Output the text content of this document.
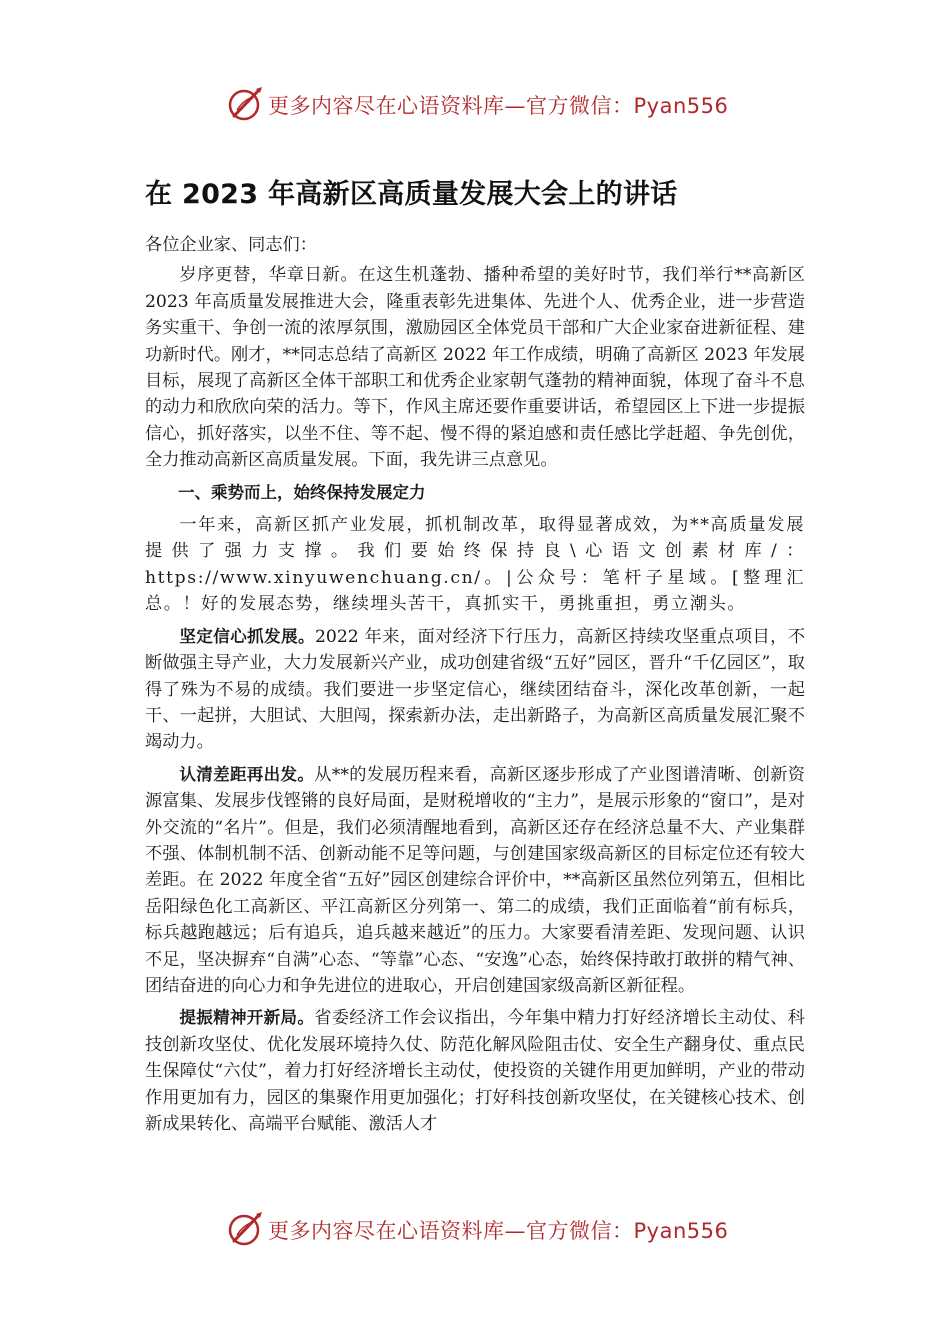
更多内容尽在心语资料库—官方微信：Pyan556
在 2023 年高新区高质量发展大会上的讲话

各位企业家、同志们：

岁序更替，华章日新。在这生机蓬勃、播种希望的美好时节，我们举行**高新区 2023 年高质量发展推进大会，隆重表彰先进集体、先进个人、优秀企业，进一步营造务实重干、争创一流的浓厚氛围，激励园区全体党员干部和广大企业家奋进新征程、建功新时代。刚才，**同志总结了高新区 2022 年工作成绩，明确了高新区 2023 年发展目标，展现了高新区全体干部职工和优秀企业家朝气蓬勃的精神面貌，体现了奋斗不息的动力和欣欣向荣的活力。等下，作风主席还要作重要讲话，希望园区上下进一步提振信心，抓好落实，以坐不住、等不起、慢不得的紧迫感和责任感比学赶超、争先创优，全力推动高新区高质量发展。下面，我先讲三点意见。

一、乘势而上，始终保持发展定力

一年来，高新区抓产业发展，抓机制改革，取得显著成效，为**高质量发展提供了强力支撑。我们要始终保持良\心语文创素材库/：https://www.xinyuwenchuang.cn/。|公众号：笔杆子星域。[整理汇总。！好的发展态势，继续埋头苦干，真抓实干，勇挑重担，勇立潮头。

坚定信心抓发展。2022 年来，面对经济下行压力，高新区持续攻坚重点项目，不断做强主导产业，大力发展新兴产业，成功创建省级“五好”园区，晋升“千亿园区”，取得了殊为不易的成绩。我们要进一步坚定信心，继续团结奋斗，深化改革创新，一起干、一起拼，大胆试、大胆闯，探索新办法，走出新路子，为高新区高质量发展汇聚不竭动力。

认清差距再出发。从**的发展历程来看，高新区逐步形成了产业图谱清晰、创新资源富集、发展步伐铿锵的良好局面，是财税增收的“主力”，是展示形象的“窗口”，是对外交流的“名片”。但是，我们必须清醒地看到，高新区还存在经济总量不大、产业集群不强、体制机制不活、创新动能不足等问题，与创建国家级高新区的目标定位还有较大差距。在 2022 年度全省“五好”园区创建综合评价中，**高新区虽然位列第五，但相比岳阳绿色化工高新区、平江高新区分列第一、第二的成绩，我们正面临着“前有标兵，标兵越跑越远；后有追兵，追兵越来越近”的压力。大家要看清差距、发现问题、认识不足，坚决摒弃“自满”心态、“等靠”心态、“安逸”心态，始终保持敢打敢拼的精气神、团结奋进的向心力和争先进位的进取心，开启创建国家级高新区新征程。

提振精神开新局。省委经济工作会议指出，今年集中精力打好经济增长主动仗、科技创新攻坚仗、优化发展环境持久仗、防范化解风险阻击仗、安全生产翻身仗、重点民生保障仗“六仗”，着力打好经济增长主动仗，使投资的关键作用更加鲜明，产业的带动作用更加有力，园区的集聚作用更加强化；打好科技创新攻坚仗，在关键核心技术、创新成果转化、高端平台赋能、激活人才

更多内容尽在心语资料库—官方微信：Pyan556
